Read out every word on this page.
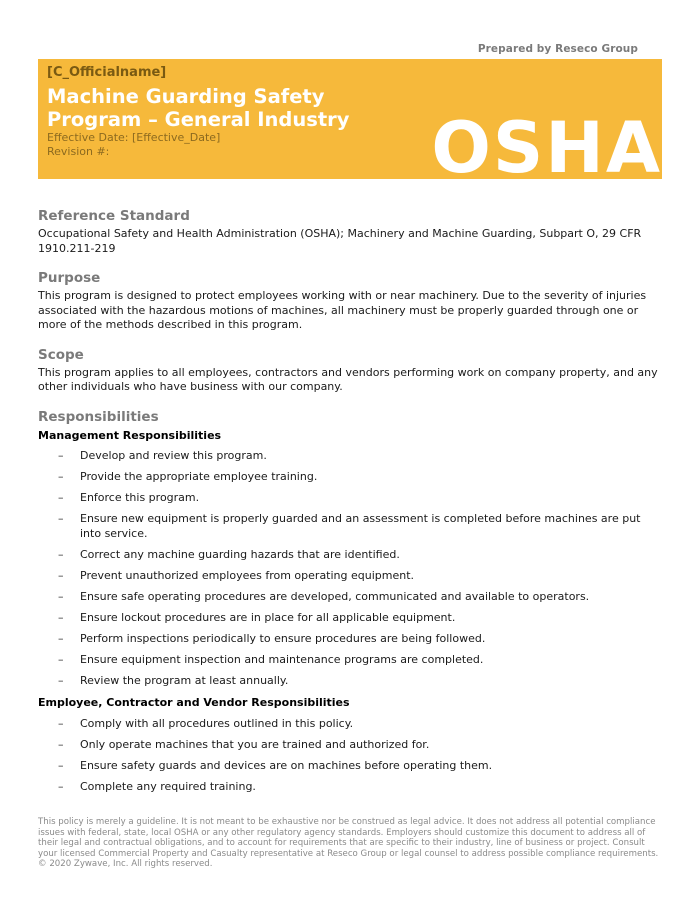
Prepared by Reseco Group
[C_Officialname]
Machine Guarding Safety Program – General Industry
Effective Date: [Effective_Date]
Revision #:	OSHA
Reference Standard

Occupational Safety and Health Administration (OSHA); Machinery and Machine Guarding, Subpart O, 29 CFR 1910.211-219

Purpose

This program is designed to protect employees working with or near machinery. Due to the severity of injuries associated with the hazardous motions of machines, all machinery must be properly guarded through one or more of the methods described in this program.

Scope

This program applies to all employees, contractors and vendors performing work on company property, and any other individuals who have business with our company.

Responsibilities
Management Responsibilities
– Develop and review this program.
– Provide the appropriate employee training.
– Enforce this program.
– Ensure new equipment is properly guarded and an assessment is completed before machines are put into service.
– Correct any machine guarding hazards that are identified.
– Prevent unauthorized employees from operating equipment.
– Ensure safe operating procedures are developed, communicated and available to operators.
– Ensure lockout procedures are in place for all applicable equipment.
– Perform inspections periodically to ensure procedures are being followed.
– Ensure equipment inspection and maintenance programs are completed.
– Review the program at least annually.
Employee, Contractor and Vendor Responsibilities
– Comply with all procedures outlined in this policy.
– Only operate machines that you are trained and authorized for.
– Ensure safety guards and devices are on machines before operating them.
– Complete any required training.
This policy is merely a guideline. It is not meant to be exhaustive nor be construed as legal advice. It does not address all potential compliance issues with federal, state, local OSHA or any other regulatory agency standards. Employers should customize this document to address all of their legal and contractual obligations, and to account for requirements that are specific to their industry, line of business or project. Consult your licensed Commercial Property and Casualty representative at Reseco Group or legal counsel to address possible compliance requirements. © 2020 Zywave, Inc. All rights reserved.
